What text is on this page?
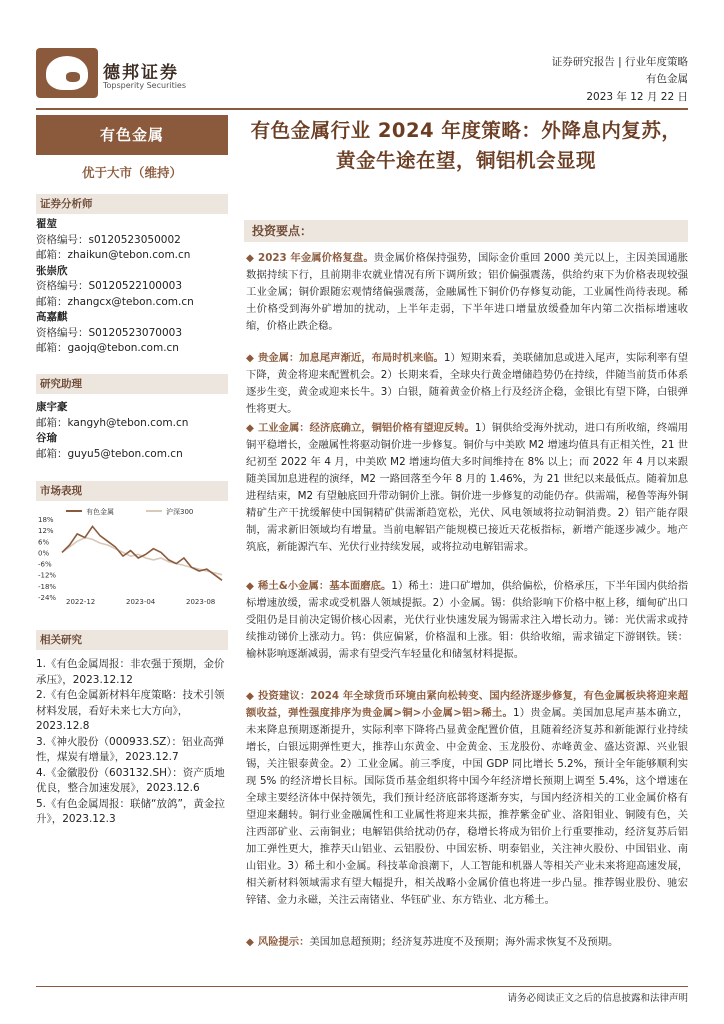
德邦证券
Topsperity Securities
证券研究报告 | 行业年度策略
有色金属
2023 年 12 月 22 日
有色金属
优于大市（维持）
证券分析师
翟堃
资格编号：s0120523050002
邮箱：zhaikun@tebon.com.cn
张崇欣
资格编号：S0120522100003
邮箱：zhangcx@tebon.com.cn
高嘉麒
资格编号：S0120523070003
邮箱：gaojq@tebon.com.cn
研究助理
康宇豪
邮箱：kangyh@tebon.com.cn
谷瑜
邮箱：guyu5@tebon.com.cn
市场表现
18%
12%
6%
0%
-6%
-12%
-18%
-24% 2022-12	2023-04	2023-08
有色金属	沪深300
相关研究
1.《有色金属周报：非农强于预期，金价承压》，2023.12.12
2.《有色金属新材料年度策略：技术引领材料发展，看好未来七大方向》，2023.12.8
3.《神火股份（000933.SZ）：铝业高弹性，煤炭有增量》，2023.12.7
4.《金徽股份（603132.SH）：资产质地优良，整合加速发展》，2023.12.6
5.《有色金属周报：联储“放鸽”，黄金拉升》，2023.12.3
有色金属行业 2024 年度策略：外降息内复苏，黄金牛途在望，铜铝机会显现
投资要点：
◆ 2023 年金属价格复盘。贵金属价格保持强势，国际金价重回 2000 美元以上，主因美国通胀数据持续下行，且前期非农就业情况有所下调所致；铝价偏强震荡，供给约束下为价格表现较强工业金属；铜价跟随宏观情绪偏强震荡，金融属性下铜价仍存修复动能，工业属性尚待表现。稀土价格受到海外矿增加的扰动，上半年走弱，下半年进口增量放缓叠加年内第二次指标增速收缩，价格止跌企稳。
◆ 贵金属：加息尾声渐近，布局时机来临。1）短期来看，美联储加息或进入尾声，实际利率有望下降，黄金将迎来配置机会。2）长期来看，全球央行黄金增储趋势仍在持续，伴随当前货币体系逐步生变，黄金或迎来长牛。3）白银，随着黄金价格上行及经济企稳，金银比有望下降，白银弹性将更大。
◆ 工业金属：经济底确立，铜铝价格有望迎反转。1）铜供给受海外扰动，进口有所收缩，终端用铜平稳增长，金融属性将驱动铜价进一步修复。铜价与中美欧 M2 增速均值具有正相关性，21 世纪初至 2022 年 4 月，中美欧 M2 增速均值大多时间维持在 8% 以上；而 2022 年 4 月以来跟随美国加息进程的演绎，M2 一路回落至今年 8 月的 1.46%，为 21 世纪以来最低点。随着加息进程结束，M2 有望触底回升带动铜价上涨。铜价进一步修复的动能仍存。供需端，秘鲁等海外铜精矿生产干扰缓解使中国铜精矿供需渐趋宽松，光伏、风电领域将拉动铜消费。2）铝产能存限制，需求新旧领域均有增量。当前电解铝产能规模已接近天花板指标，新增产能逐步减少。地产筑底，新能源汽车、光伏行业持续发展，或将拉动电解铝需求。
◆ 稀土&小金属：基本面磨底。1）稀土：进口矿增加，供给偏松，价格承压，下半年国内供给指标增速放缓，需求或受机器人领域提振。2）小金属。锡：供给影响下价格中枢上移，缅甸矿出口受阻仍是目前决定锡价核心因素，光伏行业快速发展为锡需求注入增长动力。锑：光伏需求或持续推动锑价上涨动力。钨：供应偏紧，价格温和上涨。钼：供给收缩，需求锚定下游钢铁。镁：榆林影响逐渐减弱，需求有望受汽车轻量化和储氢材料提振。
◆ 投资建议：2024 年全球货币环境由紧向松转变、国内经济逐步修复，有色金属板块将迎来超额收益，弹性强度排序为贵金属>铜>小金属>铝>稀土。1）贵金属。美国加息尾声基本确立，未来降息预期逐渐提升，实际利率下降将凸显黄金配置价值，且随着经济复苏和新能源行业持续增长，白银远期弹性更大，推荐山东黄金、中金黄金、玉龙股份、赤峰黄金、盛达资源、兴业银锡，关注银泰黄金。2）工业金属。前三季度，中国 GDP 同比增长 5.2%，预计全年能够顺利实现 5% 的经济增长目标。国际货币基金组织将中国今年经济增长预期上调至 5.4%，这个增速在全球主要经济体中保持领先，我们预计经济底部将逐渐夯实，与国内经济相关的工业金属价格有望迎来翻转。铜行业金融属性和工业属性将迎来共振，推荐紫金矿业、洛阳钼业、铜陵有色，关注西部矿业、云南铜业；电解铝供给扰动仍存，稳增长将成为铝价上行重要推动，经济复苏后铝加工弹性更大，推荐天山铝业、云铝股份、中国宏桥、明泰铝业，关注神火股份、中国铝业、南山铝业。3）稀土和小金属。科技革命浪潮下，人工智能和机器人等相关产业未来将迎高速发展，相关新材料领域需求有望大幅提升，相关战略小金属价值也将进一步凸显。推荐锡业股份、驰宏锌锗、金力永磁，关注云南锗业、华钰矿业、东方锆业、北方稀土。
◆ 风险提示：美国加息超预期；经济复苏进度不及预期；海外需求恢复不及预期。
请务必阅读正文之后的信息披露和法律声明
